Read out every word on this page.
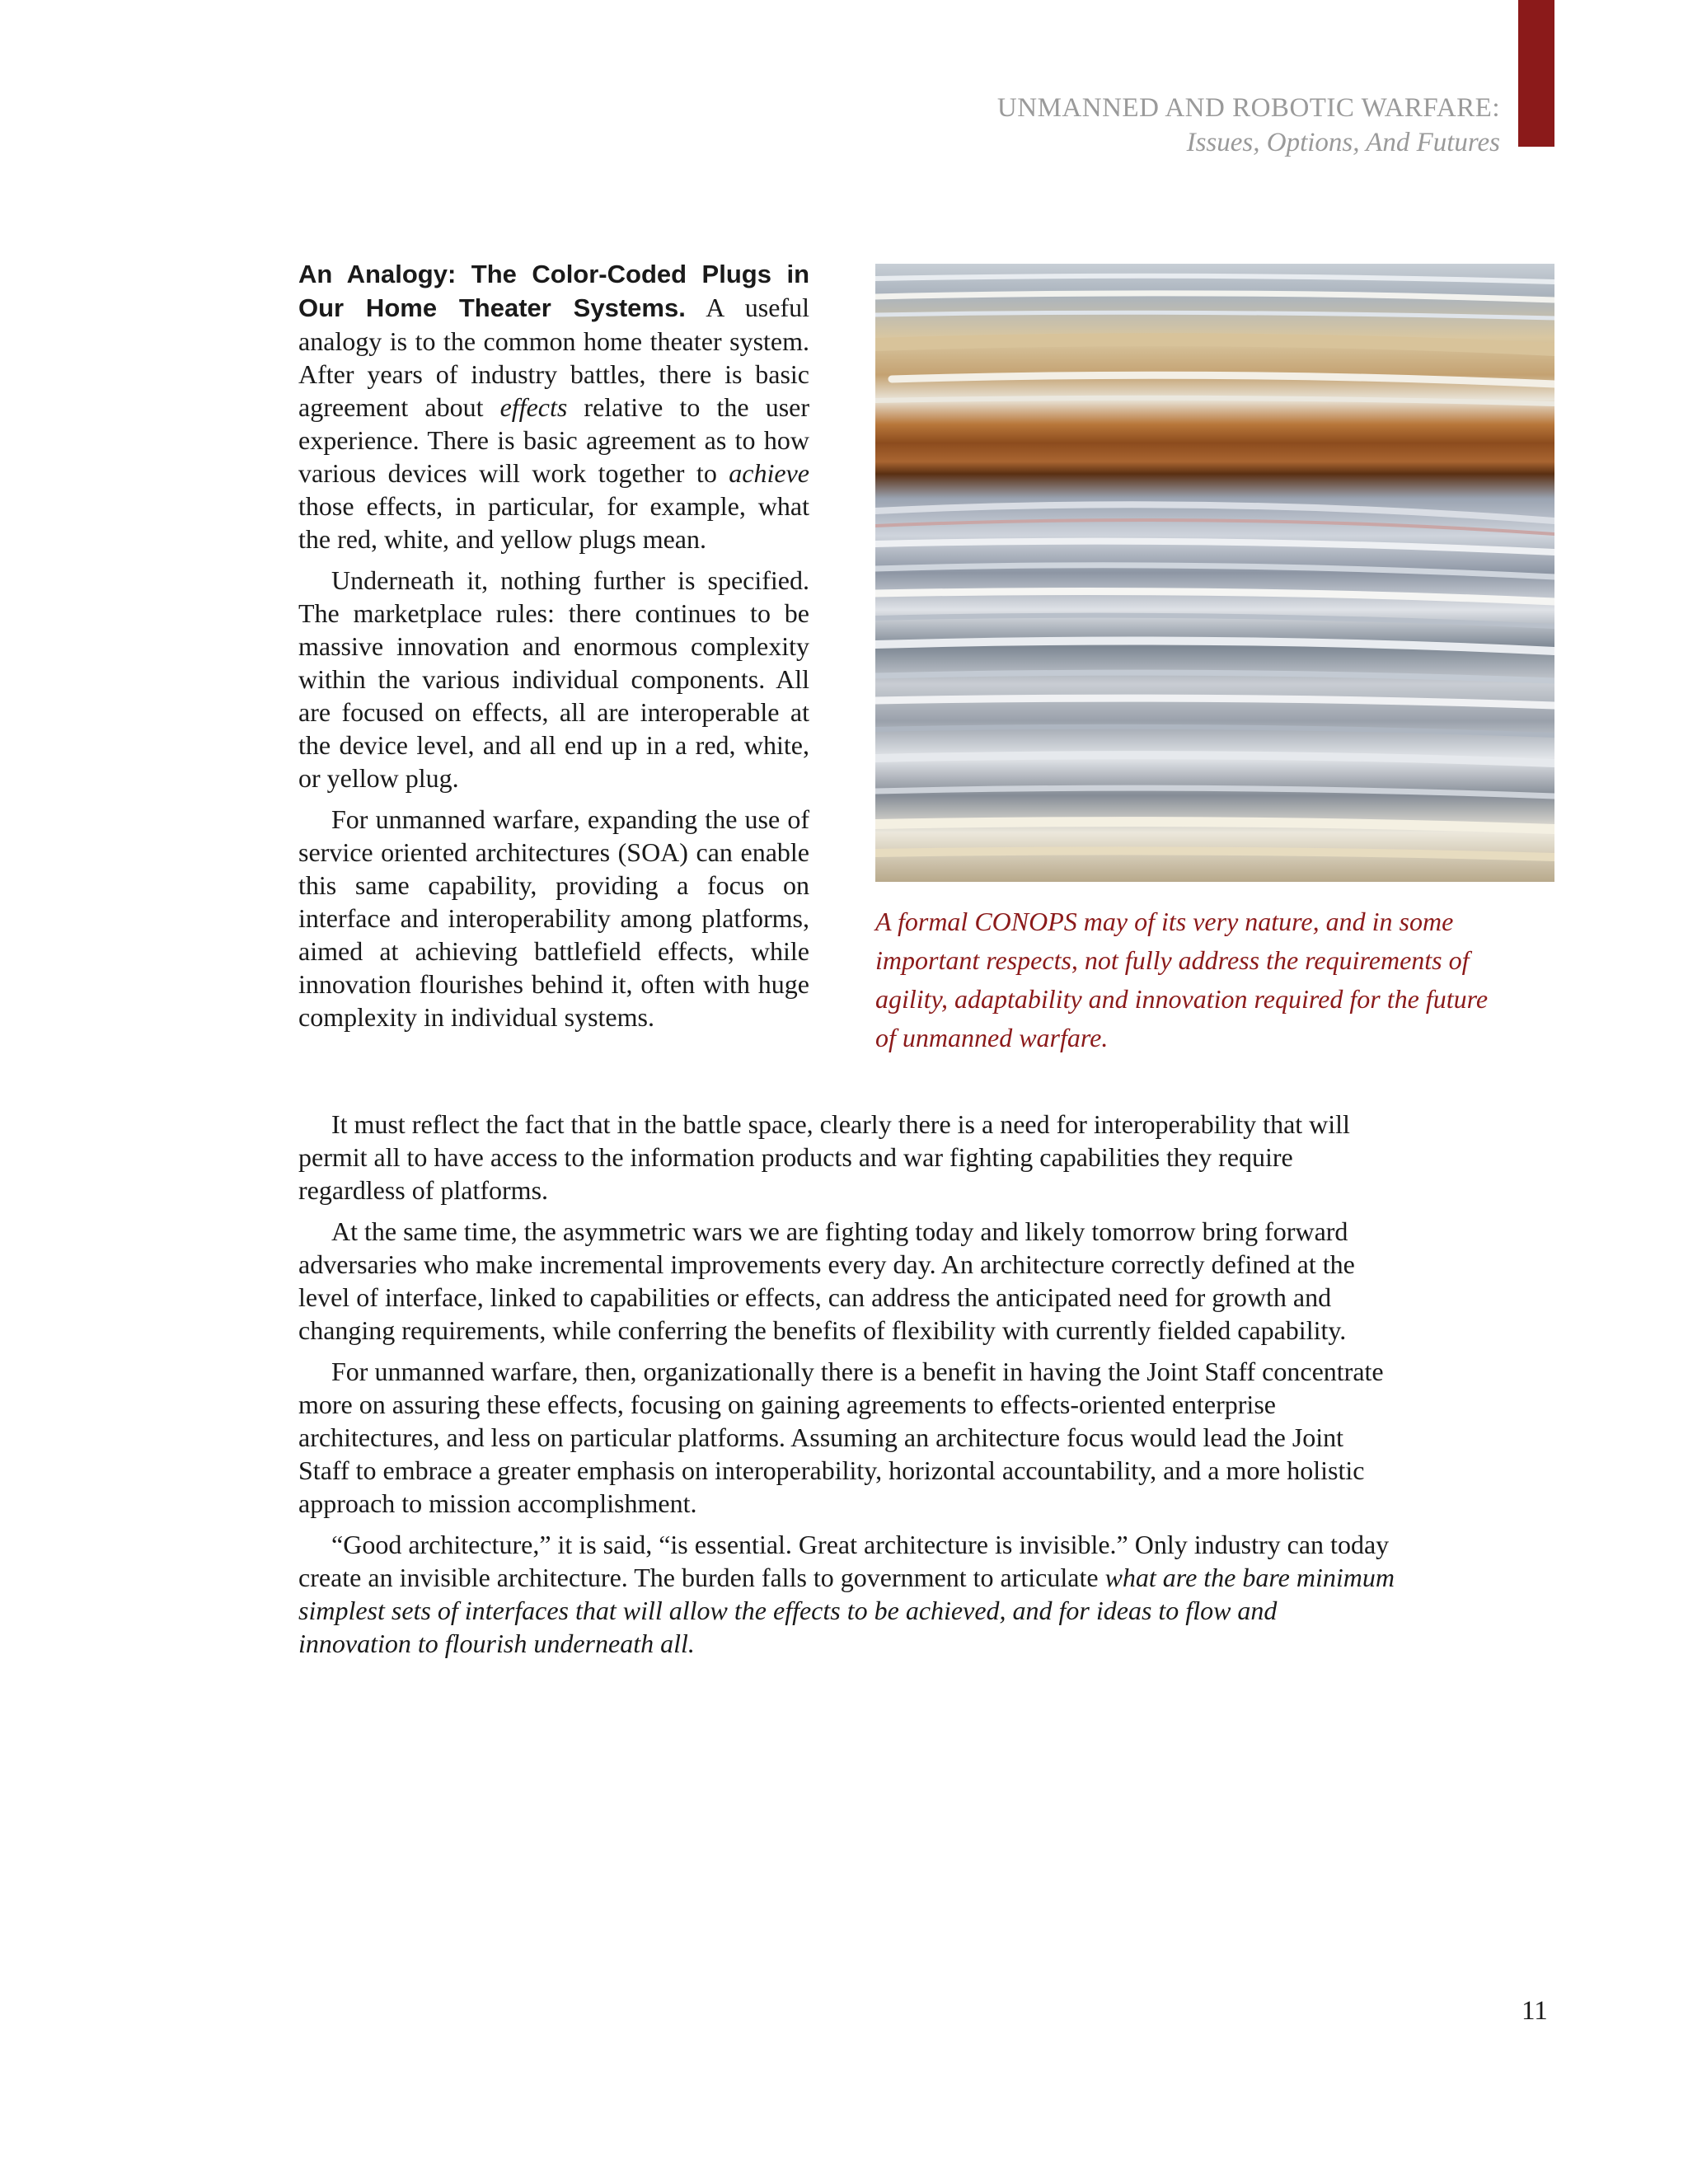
UNMANNED AND ROBOTIC WARFARE:
Issues, Options, And Futures

An Analogy: The Color-Coded Plugs in Our Home Theater Systems. A useful analogy is to the common home theater system. After years of industry battles, there is basic agreement about effects relative to the user experience. There is basic agreement as to how various devices will work together to achieve those effects, in particular, for example, what the red, white, and yellow plugs mean.

Underneath it, nothing further is specified. The marketplace rules: there continues to be massive innovation and enormous complexity within the various individual components. All are focused on effects, all are interoperable at the device level, and all end up in a red, white, or yellow plug.

For unmanned warfare, expanding the use of service oriented architectures (SOA) can enable this same capability, providing a focus on interface and interoperability among platforms, aimed at achieving battlefield effects, while innovation flourishes behind it, often with huge complexity in individual systems.

A formal CONOPS may of its very nature, and in some important respects, not fully address the requirements of agility, adaptability and innovation required for the future of unmanned warfare.

It must reflect the fact that in the battle space, clearly there is a need for interoperability that will permit all to have access to the information products and war fighting capabilities they require regardless of platforms.

At the same time, the asymmetric wars we are fighting today and likely tomorrow bring forward adversaries who make incremental improvements every day. An architecture correctly defined at the level of interface, linked to capabilities or effects, can address the anticipated need for growth and changing requirements, while conferring the benefits of flexibility with currently fielded capability.

For unmanned warfare, then, organizationally there is a benefit in having the Joint Staff concentrate more on assuring these effects, focusing on gaining agreements to effects-oriented enterprise architectures, and less on particular platforms. Assuming an architecture focus would lead the Joint Staff to embrace a greater emphasis on interoperability, horizontal accountability, and a more holistic approach to mission accomplishment.

“Good architecture,” it is said, “is essential. Great architecture is invisible.” Only industry can today create an invisible architecture. The burden falls to government to articulate what are the bare minimum simplest sets of interfaces that will allow the effects to be achieved, and for ideas to flow and innovation to flourish underneath all.

11
